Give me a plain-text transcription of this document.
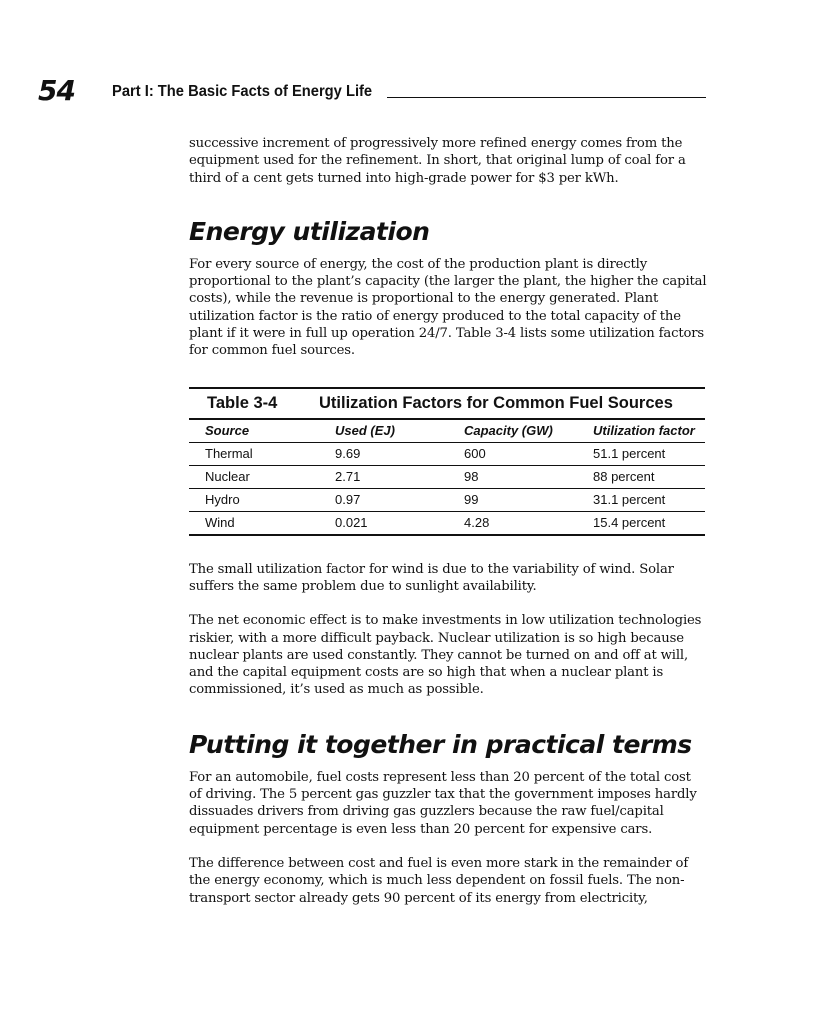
54 Part I: The Basic Facts of Energy Life

successive increment of progressively more refined energy comes from the equipment used for the refinement. In short, that original lump of coal for a third of a cent gets turned into high-grade power for $3 per kWh.

Energy utilization

For every source of energy, the cost of the production plant is directly proportional to the plant’s capacity (the larger the plant, the higher the capital costs), while the revenue is proportional to the energy generated. Plant utilization factor is the ratio of energy produced to the total capacity of the plant if it were in full up operation 24/7. Table 3-4 lists some utilization factors for common fuel sources.

Table 3-4	Utilization Factors for Common Fuel Sources
Source	Used (EJ)	Capacity (GW)	Utilization factor
Thermal	9.69	600	51.1 percent
Nuclear	2.71	98	88 percent
Hydro	0.97	99	31.1 percent
Wind	0.021	4.28	15.4 percent

The small utilization factor for wind is due to the variability of wind. Solar suffers the same problem due to sunlight availability.

The net economic effect is to make investments in low utilization technologies riskier, with a more difficult payback. Nuclear utilization is so high because nuclear plants are used constantly. They cannot be turned on and off at will, and the capital equipment costs are so high that when a nuclear plant is commissioned, it’s used as much as possible.

Putting it together in practical terms

For an automobile, fuel costs represent less than 20 percent of the total cost of driving. The 5 percent gas guzzler tax that the government imposes hardly dissuades drivers from driving gas guzzlers because the raw fuel/capital equipment percentage is even less than 20 percent for expensive cars.

The difference between cost and fuel is even more stark in the remainder of the energy economy, which is much less dependent on fossil fuels. The non-transport sector already gets 90 percent of its energy from electricity,
